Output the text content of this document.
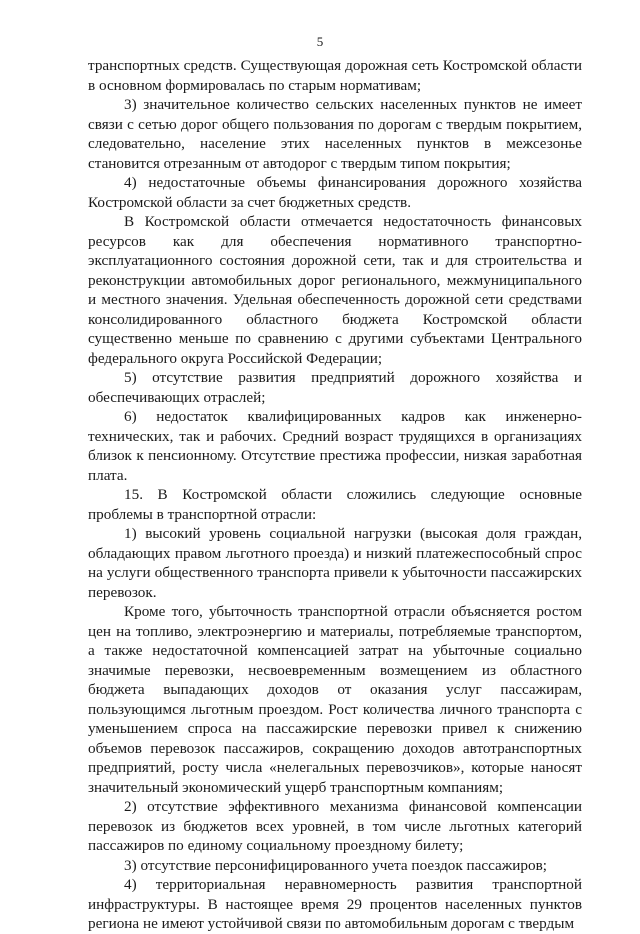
5

транспортных средств. Существующая дорожная сеть Костромской области в основном формировалась по старым нормативам;

3) значительное количество сельских населенных пунктов не имеет связи с сетью дорог общего пользования по дорогам с твердым покрытием, следовательно, население этих населенных пунктов в межсезонье становится отрезанным от автодорог с твердым типом покрытия;

4) недостаточные объемы финансирования дорожного хозяйства Костромской области за счет бюджетных средств.

В Костромской области отмечается недостаточность финансовых ресурсов как для обеспечения нормативного транспортно-эксплуатационного состояния дорожной сети, так и для строительства и реконструкции автомобильных дорог регионального, межмуниципального и местного значения. Удельная обеспеченность дорожной сети средствами консолидированного областного бюджета Костромской области существенно меньше по сравнению с другими субъектами Центрального федерального округа Российской Федерации;

5) отсутствие развития предприятий дорожного хозяйства и обеспечивающих отраслей;

6) недостаток квалифицированных кадров как инженерно-технических, так и рабочих. Средний возраст трудящихся в организациях близок к пенсионному. Отсутствие престижа профессии, низкая заработная плата.

15. В Костромской области сложились следующие основные проблемы в транспортной отрасли:

1) высокий уровень социальной нагрузки (высокая доля граждан, обладающих правом льготного проезда) и низкий платежеспособный спрос на услуги общественного транспорта привели к убыточности пассажирских перевозок.

Кроме того, убыточность транспортной отрасли объясняется ростом цен на топливо, электроэнергию и материалы, потребляемые транспортом, а также недостаточной компенсацией затрат на убыточные социально значимые перевозки, несвоевременным возмещением из областного бюджета выпадающих доходов от оказания услуг пассажирам, пользующимся льготным проездом. Рост количества личного транспорта с уменьшением спроса на пассажирские перевозки привел к снижению объемов перевозок пассажиров, сокращению доходов автотранспортных предприятий, росту числа «нелегальных перевозчиков», которые наносят значительный экономический ущерб транспортным компаниям;

2) отсутствие эффективного механизма финансовой компенсации перевозок из бюджетов всех уровней, в том числе льготных категорий пассажиров по единому социальному проездному билету;

3) отсутствие персонифицированного учета поездок пассажиров;

4) территориальная неравномерность развития транспортной инфраструктуры. В настоящее время 29 процентов населенных пунктов региона не имеют устойчивой связи по автомобильным дорогам с твердым
